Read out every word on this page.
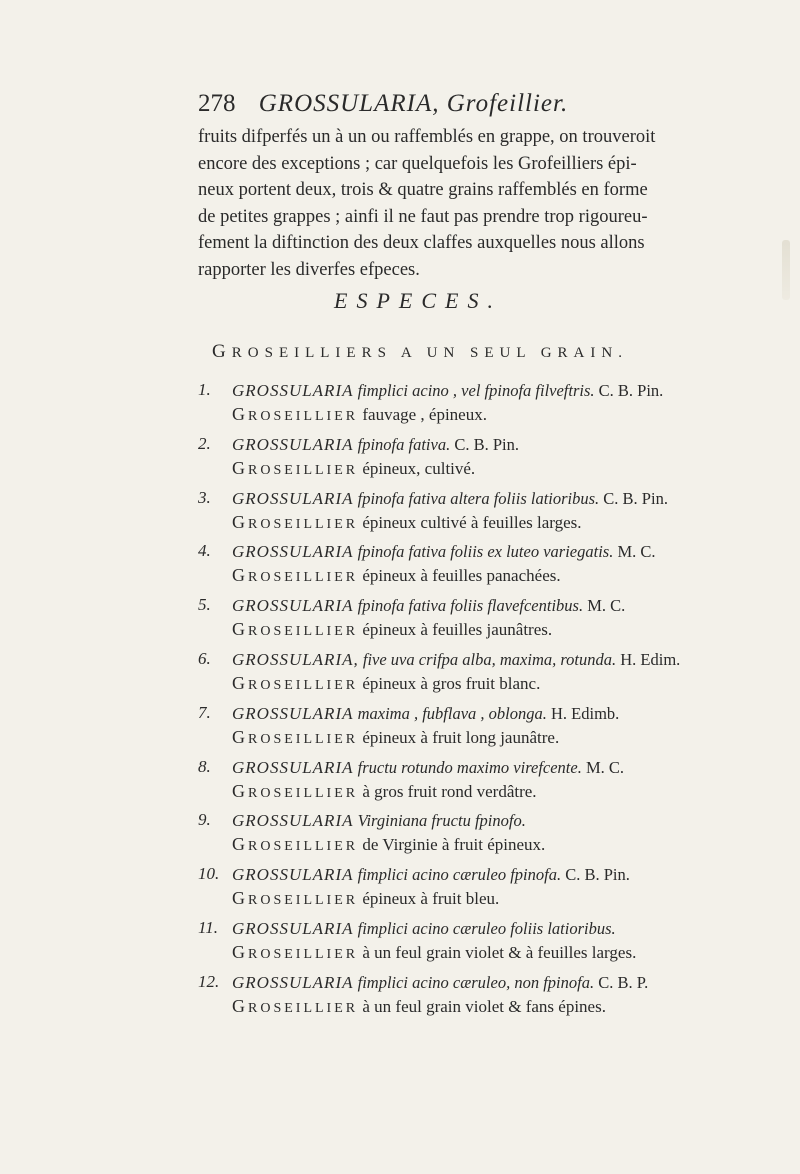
278 GROSSULARIA, Grofeillier.
fruits difperfés un à un ou raffemblés en grappe, on trouveroit
encore des exceptions ; car quelquefois les Grofeilliers épi-
neux portent deux, trois & quatre grains raffemblés en forme
de petites grappes ; ainfi il ne faut pas prendre trop rigoureu-
fement la diftinction des deux claffes auxquelles nous allons
rapporter les diverfes efpeces.
ESPECES.
GROSEILLIERS A UN SEUL GRAIN.
1. GROSSULARIA fimplici acino , vel fpinofa filveftris. C. B. Pin.
GROSEILLIER fauvage , épineux.
2. GROSSULARIA fpinofa fativa. C. B. Pin.
GROSEILLIER épineux, cultivé.
3. GROSSULARIA fpinofa fativa altera foliis latioribus. C. B. Pin.
GROSEILLIER épineux cultivé à feuilles larges.
4. GROSSULARIA fpinofa fativa foliis ex luteo variegatis. M. C.
GROSEILLIER épineux à feuilles panachées.
5. GROSSULARIA fpinofa fativa foliis flavefcentibus. M. C.
GROSEILLIER épineux à feuilles jaunâtres.
6. GROSSULARIA, five uva crifpa alba, maxima, rotunda. H. Edim.
GROSEILLIER épineux à gros fruit blanc.
7. GROSSULARIA maxima , fubflava , oblonga. H. Edimb.
GROSEILLIER épineux à fruit long jaunâtre.
8. GROSSULARIA fructu rotundo maximo virefcente. M. C.
GROSEILLIER à gros fruit rond verdâtre.
9. GROSSULARIA Virginiana fructu fpinofo.
GROSEILLIER de Virginie à fruit épineux.
10. GROSSULARIA fimplici acino cæruleo fpinofa. C. B. Pin.
GROSEILLIER épineux à fruit bleu.
11. GROSSULARIA fimplici acino cæruleo foliis latioribus.
GROSEILLIER à un feul grain violet & à feuilles larges.
12. GROSSULARIA fimplici acino cæruleo, non fpinofa. C. B. P.
GROSEILLIER à un feul grain violet & fans épines.
